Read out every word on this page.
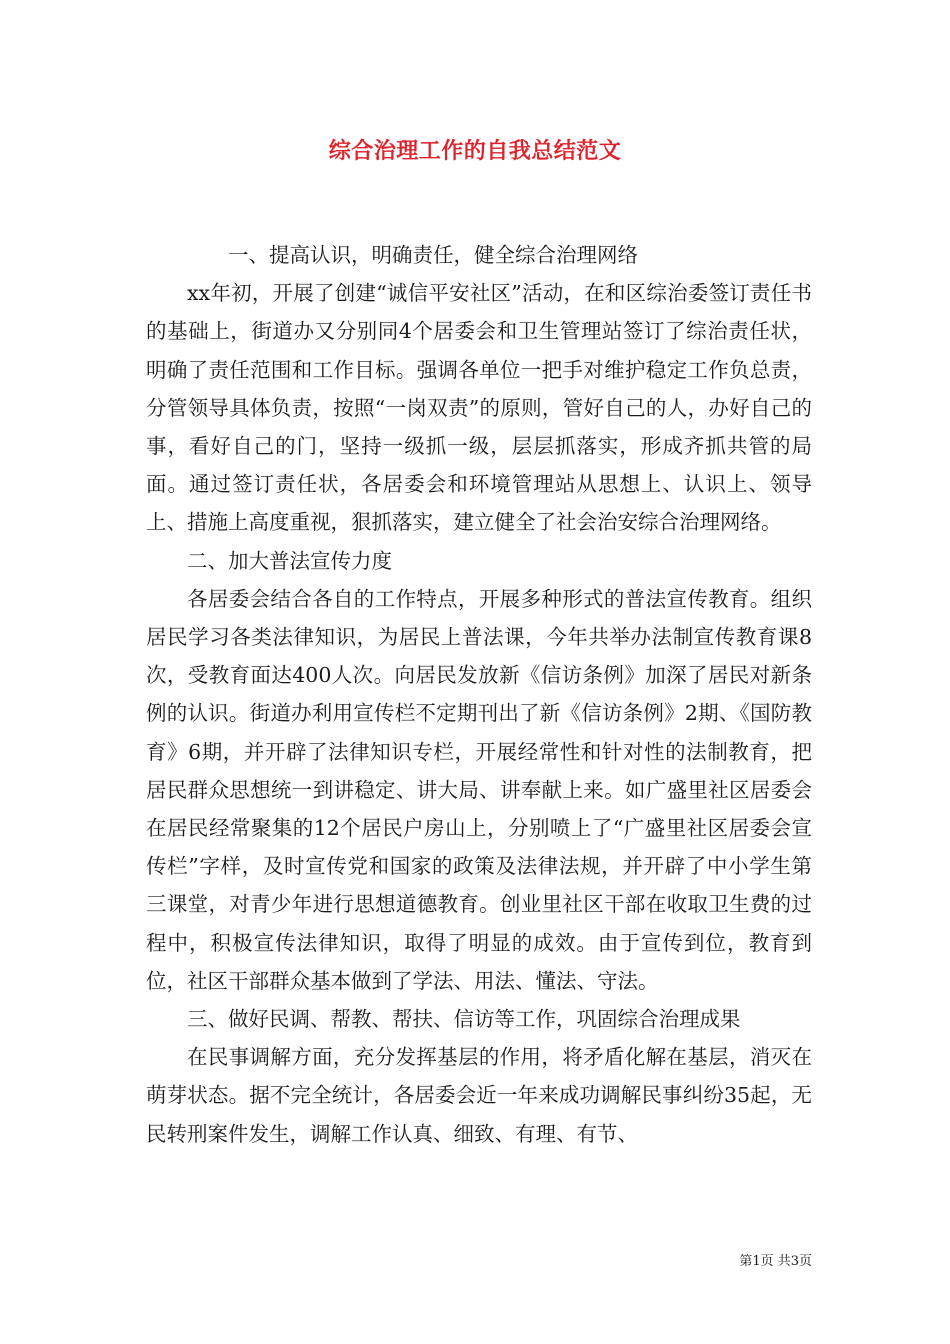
综合治理工作的自我总结范文

一、提高认识，明确责任，健全综合治理网络

xx年初，开展了创建“诚信平安社区”活动，在和区综治委签订责任书的基础上，街道办又分别同4个居委会和卫生管理站签订了综治责任状，明确了责任范围和工作目标。强调各单位一把手对维护稳定工作负总责，分管领导具体负责，按照“一岗双责”的原则，管好自己的人，办好自己的事，看好自己的门，坚持一级抓一级，层层抓落实，形成齐抓共管的局面。通过签订责任状，各居委会和环境管理站从思想上、认识上、领导上、措施上高度重视，狠抓落实，建立健全了社会治安综合治理网络。

二、加大普法宣传力度

各居委会结合各自的工作特点，开展多种形式的普法宣传教育。组织居民学习各类法律知识，为居民上普法课，今年共举办法制宣传教育课8次，受教育面达400人次。向居民发放新《信访条例》加深了居民对新条例的认识。街道办利用宣传栏不定期刊出了新《信访条例》2期、《国防教育》6期，并开辟了法律知识专栏，开展经常性和针对性的法制教育，把居民群众思想统一到讲稳定、讲大局、讲奉献上来。如广盛里社区居委会在居民经常聚集的12个居民户房山上，分别喷上了“广盛里社区居委会宣传栏”字样，及时宣传党和国家的政策及法律法规，并开辟了中小学生第三课堂，对青少年进行思想道德教育。创业里社区干部在收取卫生费的过程中，积极宣传法律知识，取得了明显的成效。由于宣传到位，教育到位，社区干部群众基本做到了学法、用法、懂法、守法。

三、做好民调、帮教、帮扶、信访等工作，巩固综合治理成果

在民事调解方面，充分发挥基层的作用，将矛盾化解在基层，消灭在萌芽状态。据不完全统计，各居委会近一年来成功调解民事纠纷35起，无民转刑案件发生，调解工作认真、细致、有理、有节、

第1页 共3页
